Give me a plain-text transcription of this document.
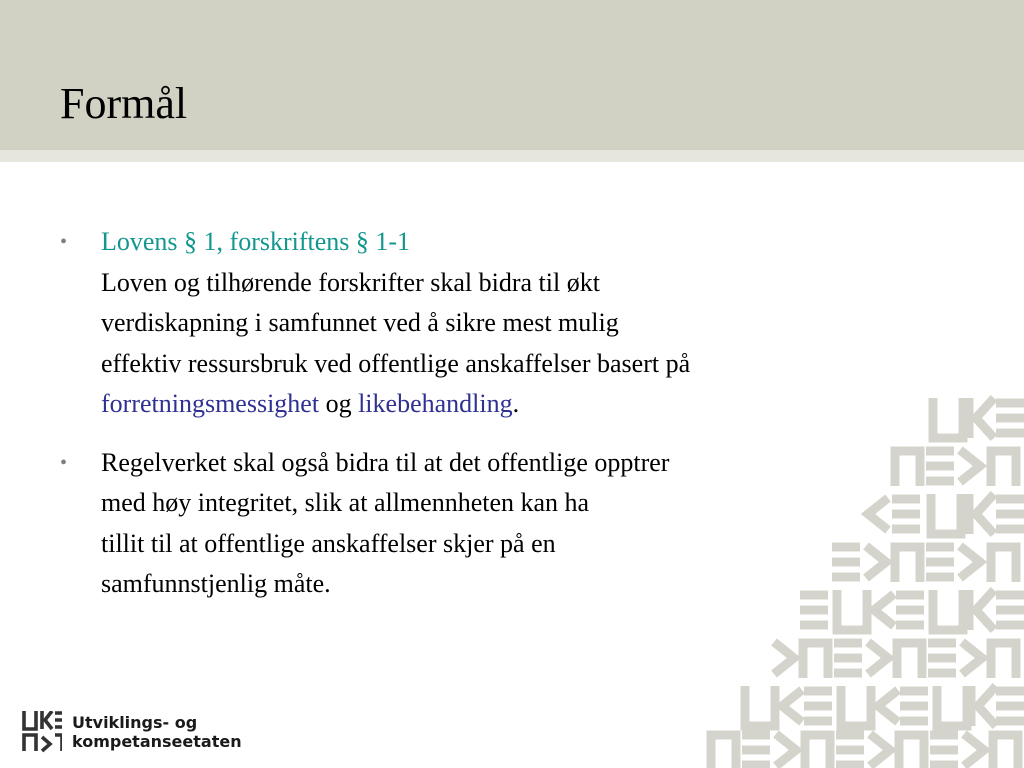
Formål
• Lovens § 1, forskriftens § 1-1
Loven og tilhørende forskrifter skal bidra til økt
verdiskapning i samfunnet ved å sikre mest mulig
effektiv ressursbruk ved offentlige anskaffelser basert på
forretningsmessighet og likebehandling.
• Regelverket skal også bidra til at det offentlige opptrer
med høy integritet, slik at allmennheten kan ha
tillit til at offentlige anskaffelser skjer på en
samfunnstjenlig måte.
Utviklings- og
kompetanseetaten
